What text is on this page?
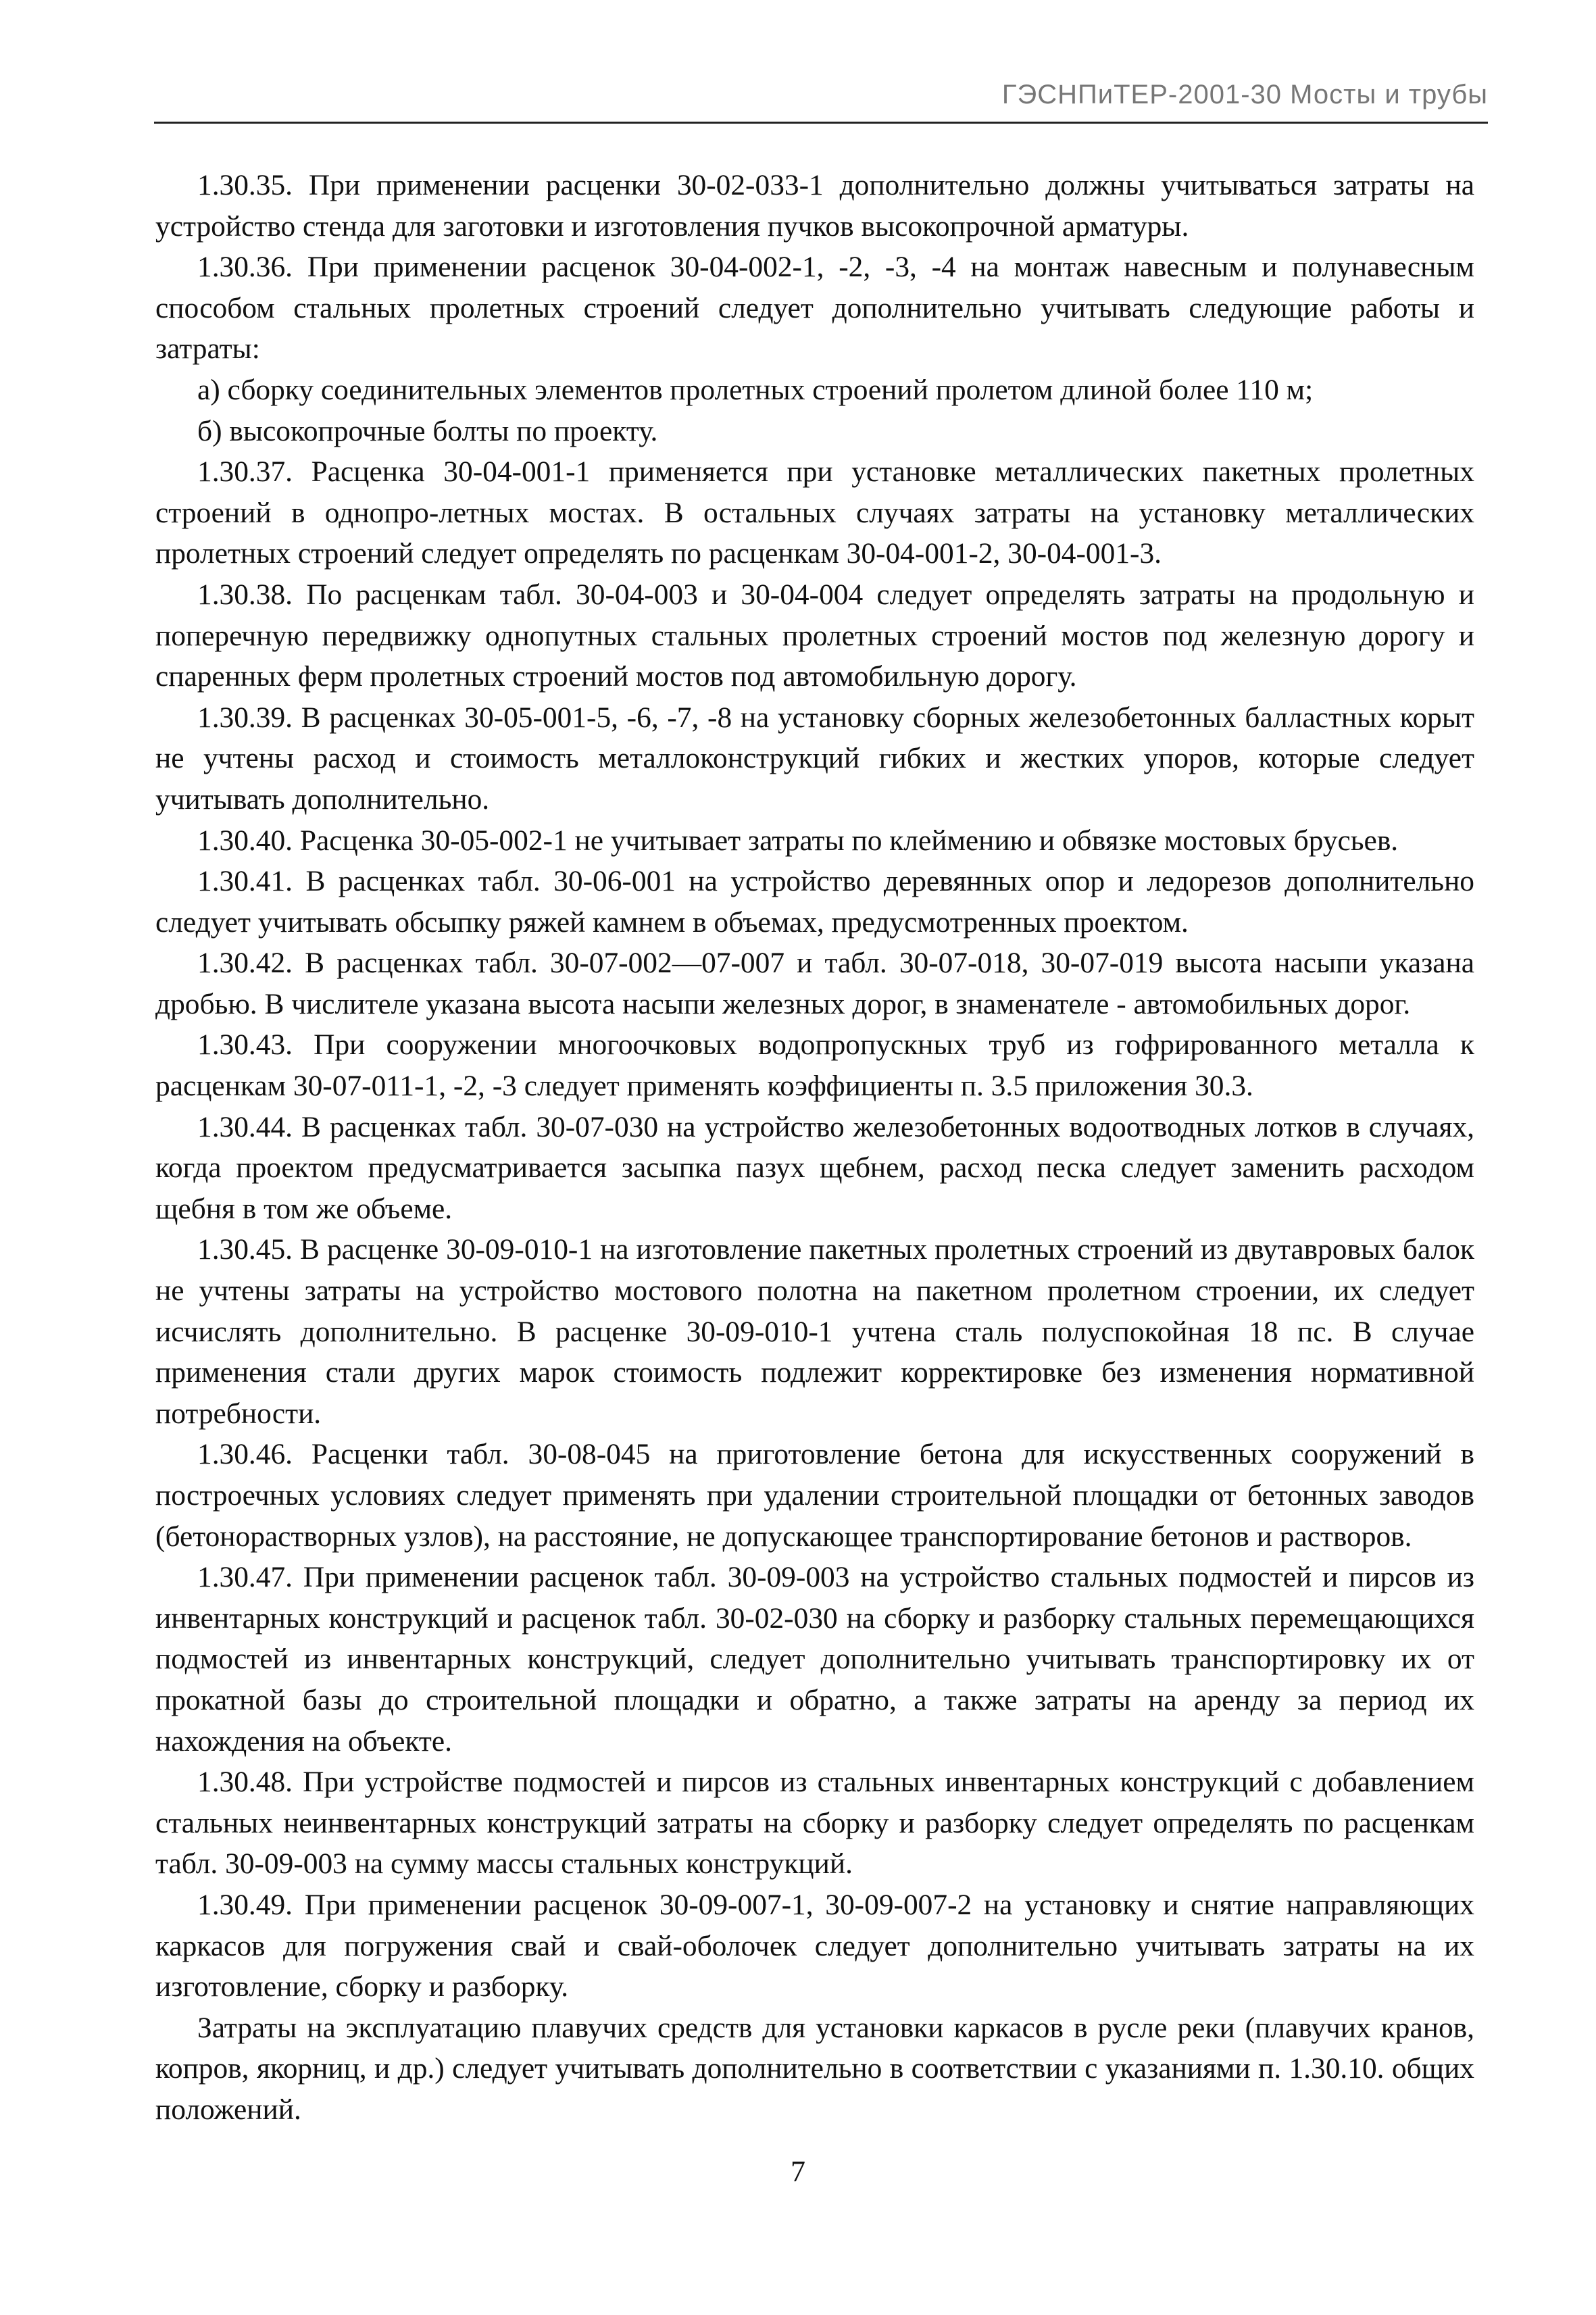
ГЭСНПиТЕР-2001-30 Мосты и трубы

1.30.35. При применении расценки 30-02-033-1 дополнительно должны учитываться затраты на устройство стенда для заготовки и изготовления пучков высокопрочной арматуры.

1.30.36. При применении расценок 30-04-002-1, -2, -3, -4 на монтаж навесным и полунавесным способом стальных пролетных строений следует дополнительно учитывать следующие работы и затраты:

а) сборку соединительных элементов пролетных строений пролетом длиной более 110 м;

б) высокопрочные болты по проекту.

1.30.37. Расценка 30-04-001-1 применяется при установке металлических пакетных пролетных строений в однопро-летных мостах. В остальных случаях затраты на установку металлических пролетных строений следует определять по расценкам 30-04-001-2, 30-04-001-3.

1.30.38. По расценкам табл. 30-04-003 и 30-04-004 следует определять затраты на продольную и поперечную передвижку однопутных стальных пролетных строений мостов под железную дорогу и спаренных ферм пролетных строений мостов под автомобильную дорогу.

1.30.39. В расценках 30-05-001-5, -6, -7, -8 на установку сборных железобетонных балластных корыт не учтены расход и стоимость металлоконструкций гибких и жестких упоров, которые следует учитывать дополнительно.

1.30.40. Расценка 30-05-002-1 не учитывает затраты по клеймению и обвязке мостовых брусьев.

1.30.41. В расценках табл. 30-06-001 на устройство деревянных опор и ледорезов дополнительно следует учитывать обсыпку ряжей камнем в объемах, предусмотренных проектом.

1.30.42. В расценках табл. 30-07-002—07-007 и табл. 30-07-018, 30-07-019 высота насыпи указана дробью. В числителе указана высота насыпи железных дорог, в знаменателе - автомобильных дорог.

1.30.43. При сооружении многоочковых водопропускных труб из гофрированного металла к расценкам 30-07-011-1, -2, -3 следует применять коэффициенты п. 3.5 приложения 30.3.

1.30.44. В расценках табл. 30-07-030 на устройство железобетонных водоотводных лотков в случаях, когда проектом предусматривается засыпка пазух щебнем, расход песка следует заменить расходом щебня в том же объеме.

1.30.45. В расценке 30-09-010-1 на изготовление пакетных пролетных строений из двутавровых балок не учтены затраты на устройство мостового полотна на пакетном пролетном строении, их следует исчислять дополнительно. В расценке 30-09-010-1 учтена сталь полуспокойная 18 пс. В случае применения стали других марок стоимость подлежит корректировке без изменения нормативной потребности.

1.30.46. Расценки табл. 30-08-045 на приготовление бетона для искусственных сооружений в построечных условиях следует применять при удалении строительной площадки от бетонных заводов (бетонорастворных узлов), на расстояние, не допускающее транспортирование бетонов и растворов.

1.30.47. При применении расценок табл. 30-09-003 на устройство стальных подмостей и пирсов из инвентарных конструкций и расценок табл. 30-02-030 на сборку и разборку стальных перемещающихся подмостей из инвентарных конструкций, следует дополнительно учитывать транспортировку их от прокатной базы до строительной площадки и обратно, а также затраты на аренду за период их нахождения на объекте.

1.30.48. При устройстве подмостей и пирсов из стальных инвентарных конструкций с добавлением стальных неинвентарных конструкций затраты на сборку и разборку следует определять по расценкам табл. 30-09-003 на сумму массы стальных конструкций.

1.30.49. При применении расценок 30-09-007-1, 30-09-007-2 на установку и снятие направляющих каркасов для погружения свай и свай-оболочек следует дополнительно учитывать затраты на их изготовление, сборку и разборку.

Затраты на эксплуатацию плавучих средств для установки каркасов в русле реки (плавучих кранов, копров, якорниц, и др.) следует учитывать дополнительно в соответствии с указаниями п. 1.30.10. общих положений.

7
